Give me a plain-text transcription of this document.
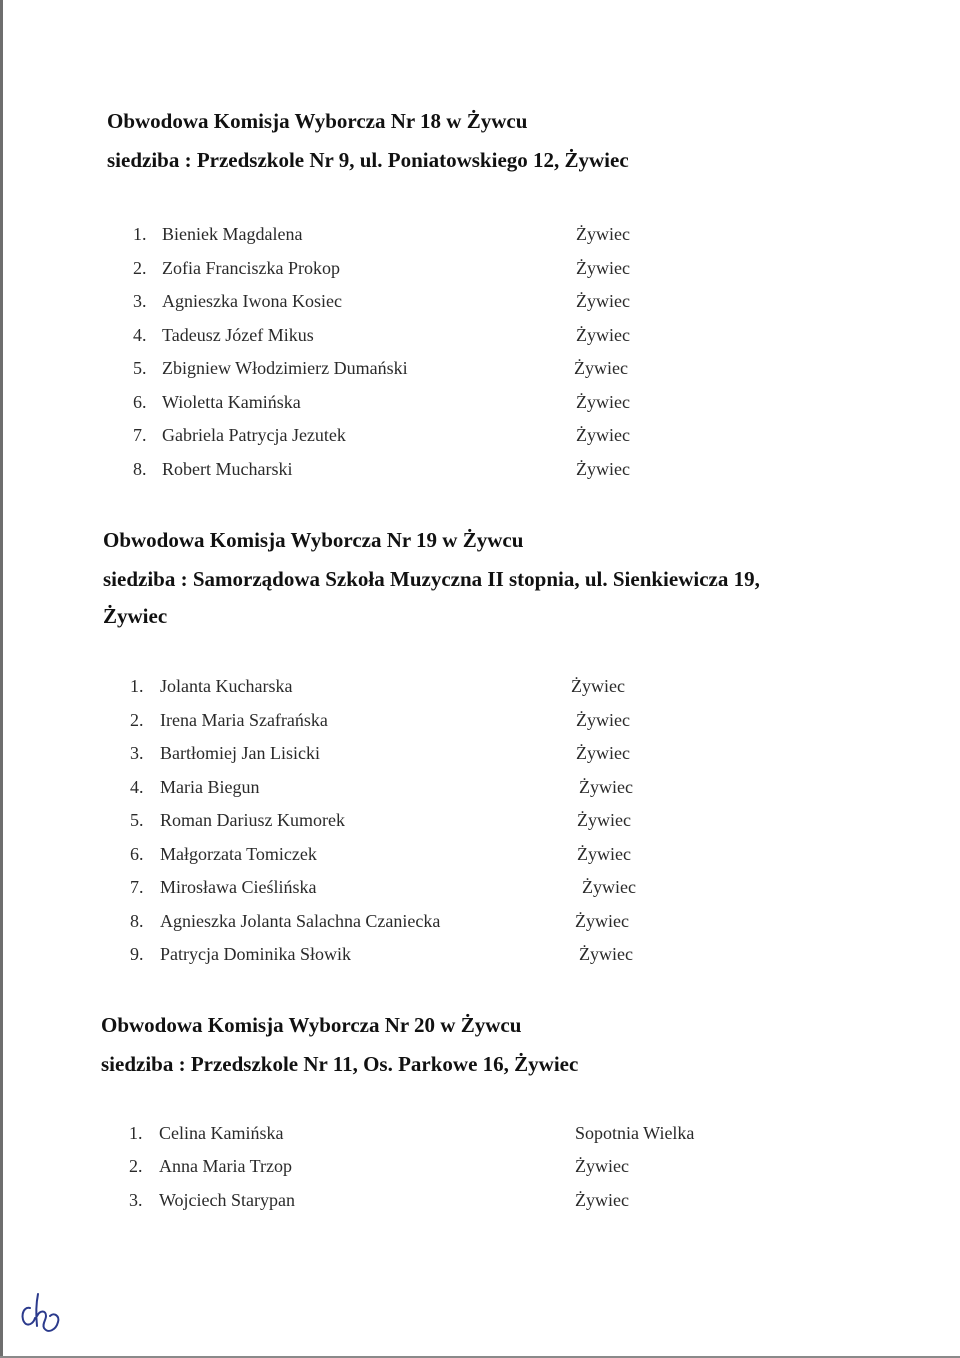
Obwodowa Komisja Wyborcza Nr 18 w Żywcu
siedziba : Przedszkole Nr 9, ul. Poniatowskiego 12, Żywiec
1. Bieniek Magdalena	Żywiec
2. Zofia Franciszka Prokop	Żywiec
3. Agnieszka Iwona Kosiec	Żywiec
4. Tadeusz Józef Mikus	Żywiec
5. Zbigniew Włodzimierz Dumański	Żywiec
6. Wioletta Kamińska	Żywiec
7. Gabriela Patrycja Jezutek	Żywiec
8. Robert Mucharski	Żywiec
Obwodowa Komisja Wyborcza Nr 19 w Żywcu
siedziba : Samorządowa Szkoła Muzyczna II stopnia, ul. Sienkiewicza 19,
Żywiec
1. Jolanta Kucharska	Żywiec
2. Irena Maria Szafrańska	Żywiec
3. Bartłomiej Jan Lisicki	Żywiec
4. Maria Biegun	Żywiec
5. Roman Dariusz Kumorek	Żywiec
6. Małgorzata Tomiczek	Żywiec
7. Mirosława Cieślińska	Żywiec
8. Agnieszka Jolanta Salachna Czaniecka	Żywiec
9. Patrycja Dominika Słowik	Żywiec
Obwodowa Komisja Wyborcza Nr 20 w Żywcu
siedziba : Przedszkole Nr 11, Os. Parkowe 16, Żywiec
1. Celina Kamińska	Sopotnia Wielka
2. Anna Maria Trzop	Żywiec
3. Wojciech Starypan	Żywiec
